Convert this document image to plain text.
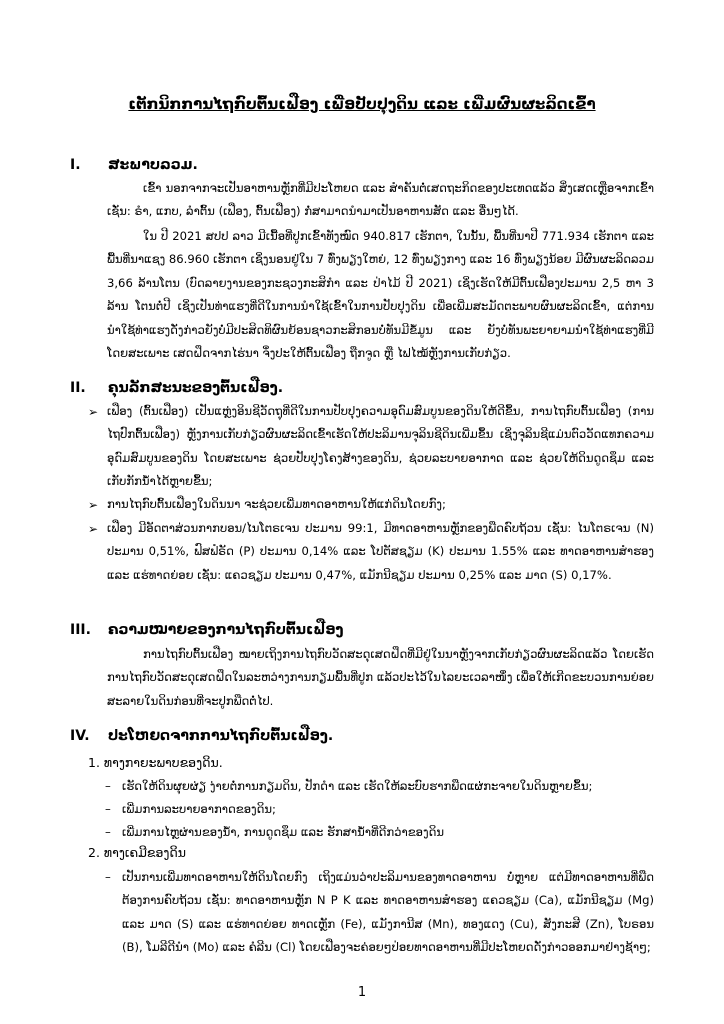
ເຕັກນິກການໄຖກົບຕົ້ນເຟືອງ ເພື່ອປັບປຸງດິນ ແລະ ເພີ່ມຜົນຜະລິດເຂົ້າ
I. ສະພາບລວມ.
ເຂົ້າ ນອກຈາກຈະເປັນອາຫານຫຼັກທີ່ມີປະໂຫຍດ ແລະ ສຳຄັນຕໍ່ເສດຖະກິດຂອງປະເທດແລ້ວ ສິ່ງເສດເຫຼືອຈາກເຂົ້າ ເຊັ່ນ: ຣຳ, ແກບ, ລຳຕົ້ນ (ເຟືອງ, ຕົ້ນເຟືອງ) ກໍ່ສາມາດນຳມາເປັນອາຫານສັດ ແລະ ອື່ນໆໄດ້.
ໃນ ປີ 2021 ສປປ ລາວ ມີເນື້ອທີ່ປູກເຂົ້າທັງໝົດ 940.817 ເຮັກຕາ, ໃນນັ້ນ, ພື້ນທີ່ນາປີ 771.934 ເຮັກຕາ ແລະ ພື້ນທີ່ນາແຊງ 86.960 ເຮັກຕາ ເຊິ່ງນອນຢູ່ໃນ 7 ທົ່ງພຽງໃຫຍ່, 12 ທົ່ງພຽງກາງ ແລະ 16 ທົ່ງພຽງນ້ອຍ ມີຜົນຜະລິດລວມ 3,66 ລ້ານໂຕນ (ບົດລາຍງານຂອງກະຊວງກະສິກຳ ແລະ ປ່າໄມ້ ປີ 2021) ເຊິ່ງເຮັດໃຫ້ມີຕົ້ນເຟືອງປະມານ 2,5 ຫາ 3 ລ້ານ ໂຕນຕໍ່ປີ ເຊິ່ງເປັນທ່າແຮງທີ່ດີໃນການນຳໃຊ້ເຂົ້າໃນການປັບປຸງດິນ ເພື່ອເພີ່ມສະມັດຕະພາບຜົນຜະລິດເຂົ້າ, ແຕ່ການນຳໃຊ້ທ່າແຮງດັ່ງກ່າວຍັງບໍ່ມີປະສິດທິຜົນຍ້ອນຊາວກະສິກອນບໍ່ທັນມີຂໍ້ມູນ ແລະ ຍັງບໍ່ທັນພະຍາຍາມນຳໃຊ້ທ່າແຮງທີ່ມີ ໂດຍສະເພາະ ເສດຝຶດຈາກໄຮ່ນາ ຈຶ່ງປະໃຫ້ຕົ້ນເຟືອງ ຖືກຈູດ ຫຼື ໄຟໄໝ້ຫຼັງການເກັບກ່ຽວ.
II. ຄຸນລັກສະນະຂອງຕົ້ນເຟືອງ.
➢ ເຟືອງ (ຕົ້ນເຟືອງ) ເປັນແຫຼ່ງອິນຊີວັດຖຸທີ່ດີໃນການປັບປຸງຄວາມອຸດົມສົມບູນຂອງດິນໃຫ້ດີຂຶ້ນ, ການໄຖກົບຕົ້ນເຟືອງ (ການໄຖປົກຕົ້ນເຟືອງ) ຫຼັງການເກັບກ່ຽວຜົນຜະລິດເຂົ້າເຮັດໃຫ້ປະລິມານຈຸລິນຊີດິນເພີ່ມຂຶ້ນ ເຊິ່ງຈຸລິນຊີແມ່ນຕົວວັດແທກຄວາມອຸດົມສົມບູນຂອງດິນ ໂດຍສະເພາະ ຊ່ວຍປັບປຸງໂຄງສ້າງຂອງດິນ, ຊ່ວຍລະບາຍອາກາດ ແລະ ຊ່ວຍໃຫ້ດິນດູດຊຶມ ແລະ ເກັບກັກນ້ຳໄດ້ຫຼາຍຂຶ້ນ;
➢ ການໄຖກົບຕົ້ນເຟືອງໃນດິນນາ ຈະຊ່ວຍເພີ່ມທາດອາຫານໃຫ້ແກ່ດິນໂດຍກົງ;
➢ ເຟືອງ ມີອັດຕາສ່ວນກາກບອນ/ໄນໂຕຣເຈນ ປະມານ 99:1, ມີທາດອາຫານຫຼັກຂອງພືດຄົບຖ້ວນ ເຊັ່ນ: ໄນໂຕຣເຈນ (N) ປະມານ 0,51%, ຟົສຟໍຣັດ (P) ປະມານ 0,14% ແລະ ໂປຕັສຊຽມ (K) ປະມານ 1.55% ແລະ ທາດອາຫານສຳຮອງ ແລະ ແຮ່ທາດຍ່ອຍ ເຊັ່ນ: ແຄວຊຽມ ປະມານ 0,47%, ແມັກນີຊຽມ ປະມານ 0,25% ແລະ ມາດ (S) 0,17%.
III. ຄວາມໝາຍຂອງການໄຖກົບຕົ້ນເຟືອງ
ການໄຖກົບຕົ້ນເຟືອງ ໝາຍເຖິງການໄຖກົບວັດສະດຸເສດຝຶດທີ່ມີຢູ່ໃນນາຫຼັງຈາກເກັບກ່ຽວຜົນຜະລິດແລ້ວ ໂດຍເຮັດການໄຖກົບວັດສະດຸເສດຝຶດໃນລະຫວ່າງການກຽມພື້ນທີ່ປູກ ແລ້ວປະໄວ້ໃນໄລຍະເວລາໜຶ່ງ ເພື່ອໃຫ້ເກີດຂະບວນການຍ່ອຍສະລາຍໃນດິນກ່ອນທີ່ຈະປູກພືດຕໍ່ໄປ.
IV. ປະໂຫຍດຈາກການໄຖກົບຕົ້ນເຟືອງ.
1. ທາງກາຍະພາບຂອງດິນ.
– ເຮັດໃຫ້ດິນຜຸຍຜ່ຽ ງ່າຍຕໍ່ການກຽມດິນ, ປັກດຳ ແລະ ເຮັດໃຫ້ລະບົບຮາກພືດແຜ່ກະຈາຍໃນດິນຫຼາຍຂຶ້ນ;
– ເພີ່ມການລະບາຍອາກາດຂອງດິນ;
– ເພີ່ມການໄຫຼຜ່ານຂອງນ້ຳ, ການດູດຊຶມ ແລະ ຮັກສານ້ຳທີ່ດີກວ່າຂອງດິນ
2. ທາງເຄມີຂອງດິນ
– ເປັນການເພີ່ມທາດອາຫານໃຫ້ດິນໂດຍກົງ ເຖິງແມ່ນວ່າປະລິມານຂອງທາດອາຫານ ບໍ່ຫຼາຍ ແຕ່ມີທາດອາຫານທີ່ພືດຕ້ອງການຄົບຖ້ວນ ເຊັ່ນ: ທາດອາຫານຫຼັກ N P K ແລະ ທາດອາຫານສຳຮອງ ແຄວຊຽມ (Ca), ແມັກນີຊຽມ (Mg) ແລະ ມາດ (S) ແລະ ແຮ່ທາດຍ່ອຍ ທາດເຫຼັກ (Fe), ແມັງການີສ (Mn), ທອງແດງ (Cu), ສັງກະສີ (Zn), ໂບຣອນ (B), ໂມລີດີນຳ (Mo) ແລະ ຄໍລີນ (Cl) ໂດຍເຟືອງຈະຄ່ອຍໆປ່ອຍທາດອາຫານທີ່ມີປະໂຫຍດດັ່ງກ່າວອອກມາຢ່າງຊ້າໆ;
1
